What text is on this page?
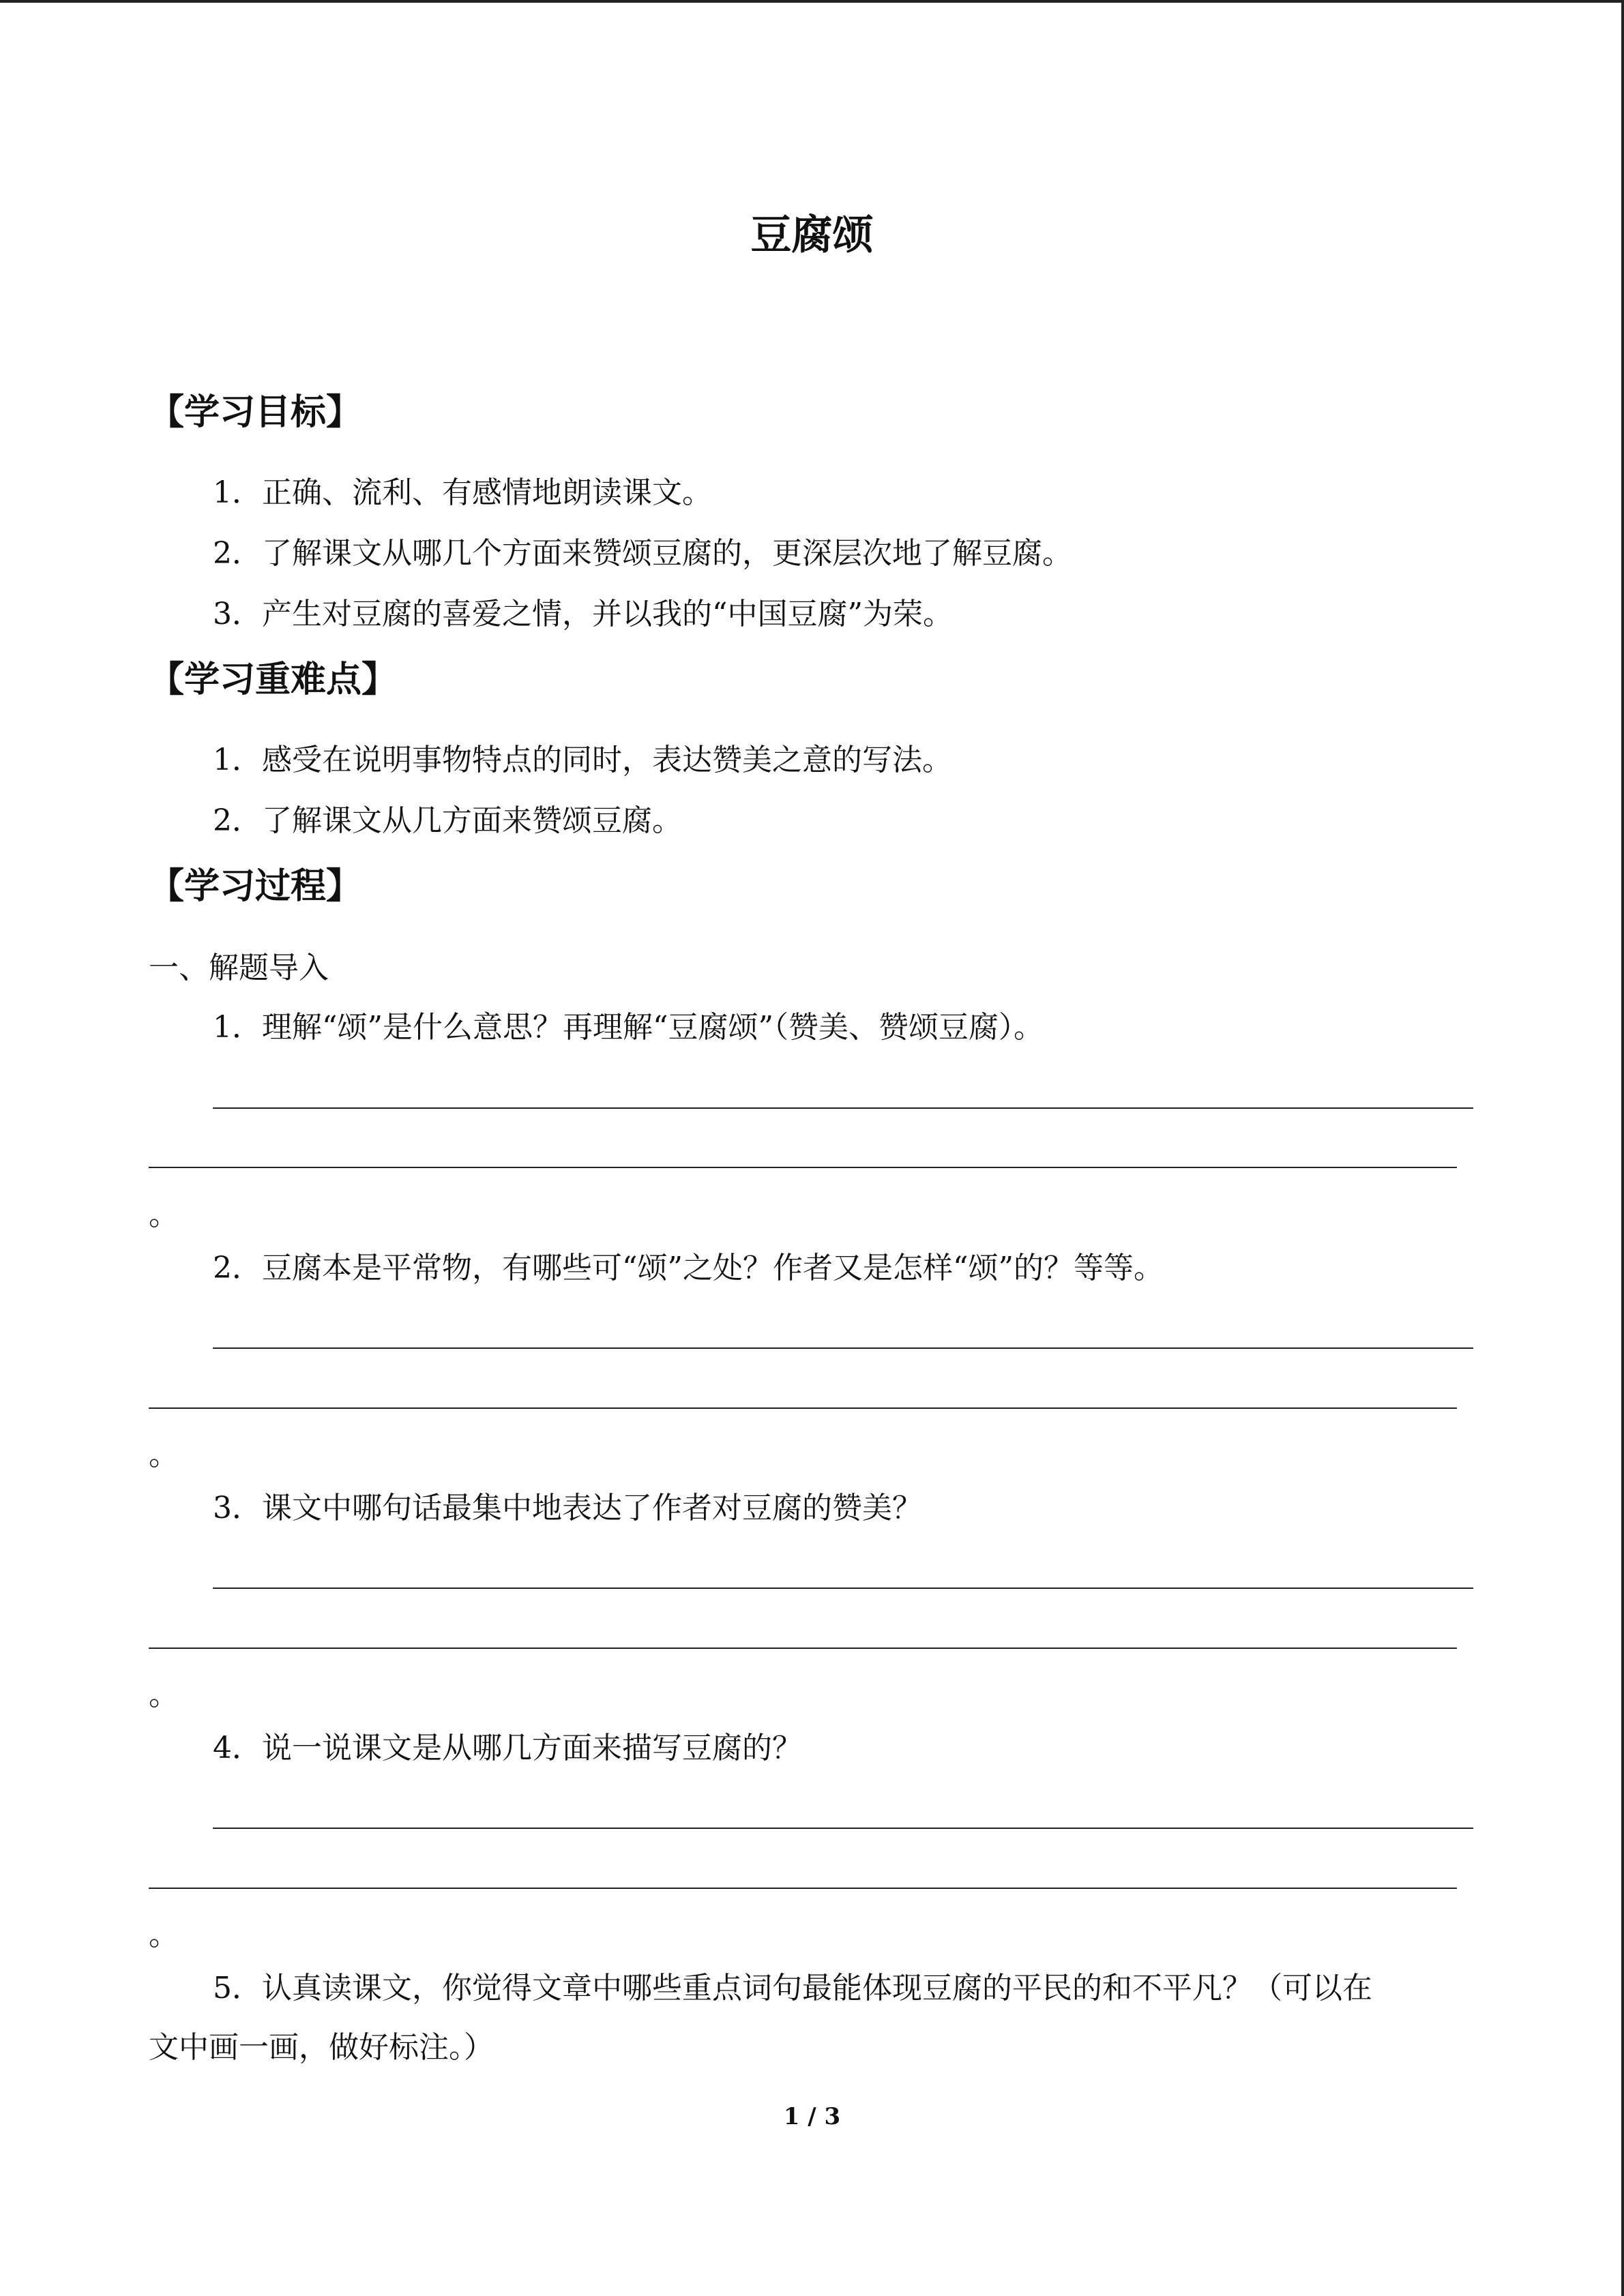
豆腐颂
【学习目标】

1．正确、流利、有感情地朗读课文。

2．了解课文从哪几个方面来赞颂豆腐的，更深层次地了解豆腐。

3．产生对豆腐的喜爱之情，并以我的“中国豆腐”为荣。

【学习重难点】

1．感受在说明事物特点的同时，表达赞美之意的写法。

2．了解课文从几方面来赞颂豆腐。

【学习过程】

一、解题导入

1．理解“颂”是什么意思？再理解“豆腐颂”（赞美、赞颂豆腐）。

。

2．豆腐本是平常物，有哪些可“颂”之处？作者又是怎样“颂”的？等等。

。

3．课文中哪句话最集中地表达了作者对豆腐的赞美？

。

4．说一说课文是从哪几方面来描写豆腐的？

。

5．认真读课文，你觉得文章中哪些重点词句最能体现豆腐的平民的和不平凡？（可以在

文中画一画，做好标注。）

1 / 3
